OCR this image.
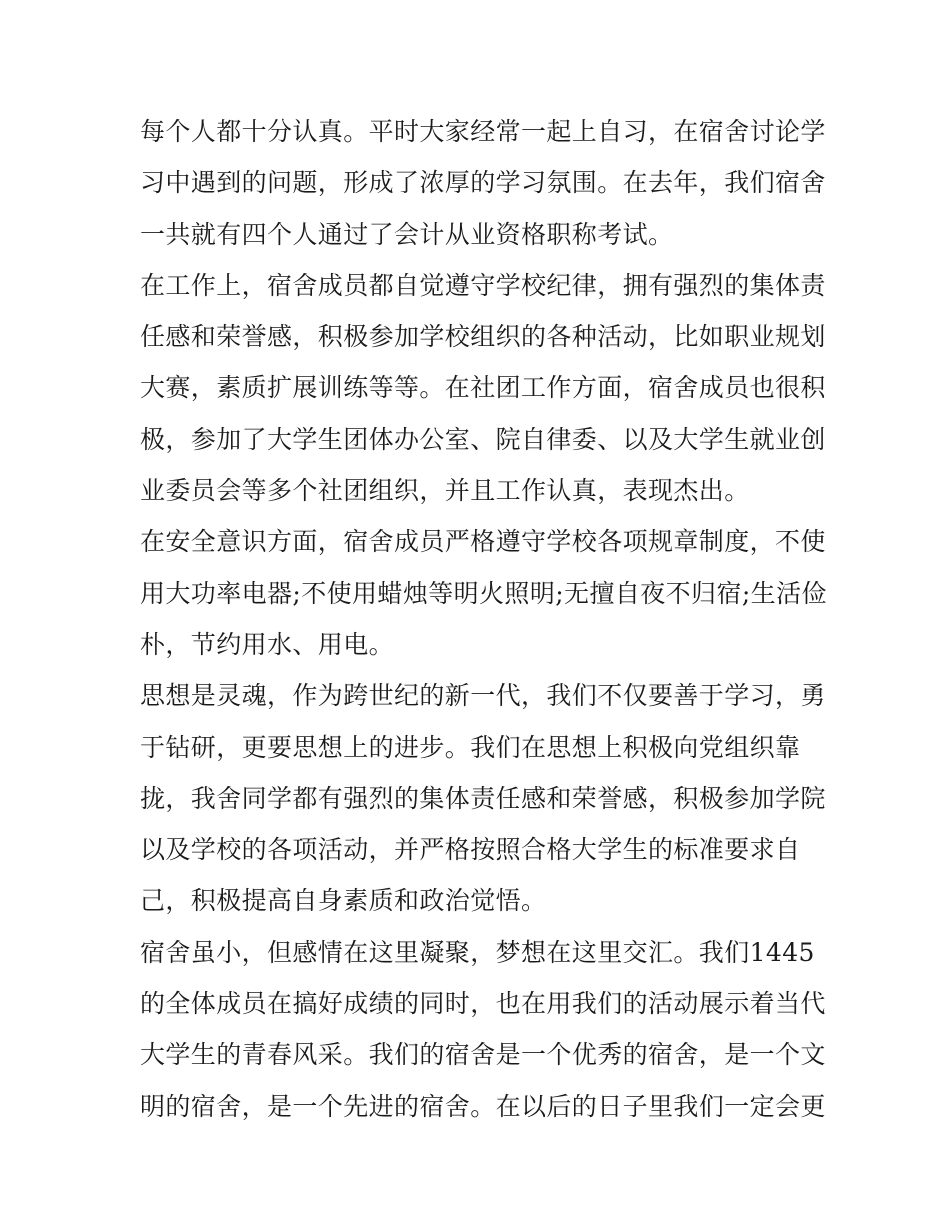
每个人都十分认真。平时大家经常一起上自习，在宿舍讨论学
习中遇到的问题，形成了浓厚的学习氛围。在去年，我们宿舍
一共就有四个人通过了会计从业资格职称考试。
在工作上，宿舍成员都自觉遵守学校纪律，拥有强烈的集体责
任感和荣誉感，积极参加学校组织的各种活动，比如职业规划
大赛，素质扩展训练等等。在社团工作方面，宿舍成员也很积
极，参加了大学生团体办公室、院自律委、以及大学生就业创
业委员会等多个社团组织，并且工作认真，表现杰出。
在安全意识方面，宿舍成员严格遵守学校各项规章制度，不使
用大功率电器;不使用蜡烛等明火照明;无擅自夜不归宿;生活俭
朴，节约用水、用电。
思想是灵魂，作为跨世纪的新一代，我们不仅要善于学习，勇
于钻研，更要思想上的进步。我们在思想上积极向党组织靠
拢，我舍同学都有强烈的集体责任感和荣誉感，积极参加学院
以及学校的各项活动，并严格按照合格大学生的标准要求自
己，积极提高自身素质和政治觉悟。
宿舍虽小，但感情在这里凝聚，梦想在这里交汇。我们1445
的全体成员在搞好成绩的同时，也在用我们的活动展示着当代
大学生的青春风采。我们的宿舍是一个优秀的宿舍，是一个文
明的宿舍，是一个先进的宿舍。在以后的日子里我们一定会更
